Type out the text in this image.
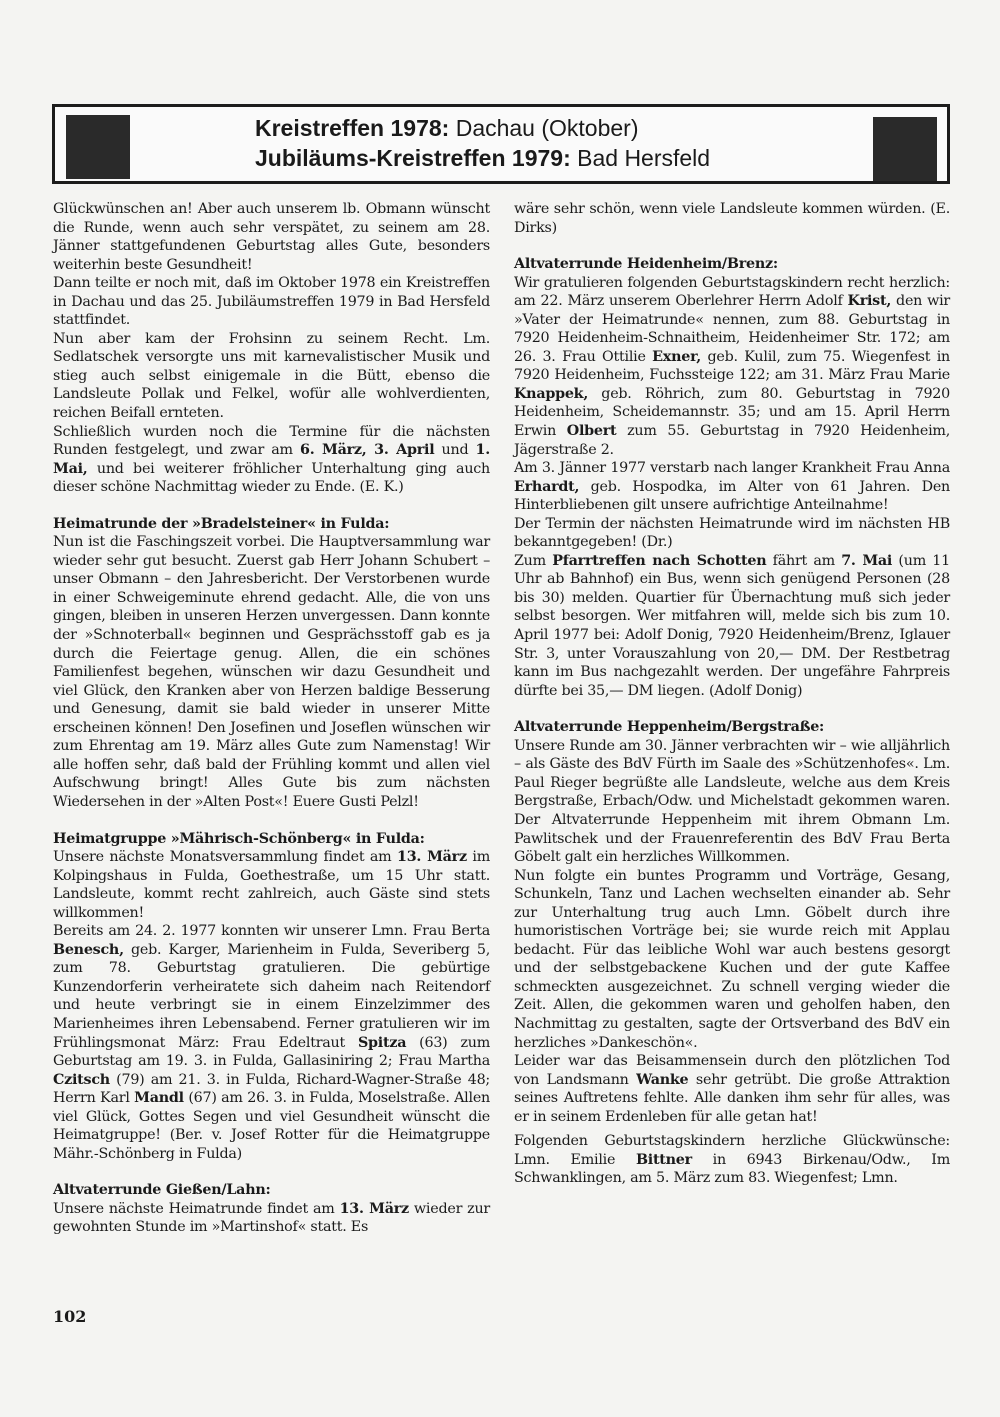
Kreistreffen 1978: Dachau (Oktober)
Jubiläums-Kreistreffen 1979: Bad Hersfeld

Glückwünschen an! Aber auch unserem lb. Obmann wünscht die Runde, wenn auch sehr verspätet, zu seinem am 28. Jänner stattgefundenen Geburtstag alles Gute, besonders weiterhin beste Gesundheit!

Dann teilte er noch mit, daß im Oktober 1978 ein Kreistreffen in Dachau und das 25. Jubiläumstreffen 1979 in Bad Hersfeld stattfindet.

Nun aber kam der Frohsinn zu seinem Recht. Lm. Sedlatschek versorgte uns mit karnevalistischer Musik und stieg auch selbst einigemale in die Bütt, ebenso die Landsleute Pollak und Felkel, wofür alle wohlverdienten, reichen Beifall ernteten.

Schließlich wurden noch die Termine für die nächsten Runden festgelegt, und zwar am 6. März, 3. April und 1. Mai, und bei weiterer fröhlicher Unterhaltung ging auch dieser schöne Nachmittag wieder zu Ende. (E. K.)

Heimatrunde der »Bradelsteiner« in Fulda:

Nun ist die Faschingszeit vorbei. Die Hauptversammlung war wieder sehr gut besucht. Zuerst gab Herr Johann Schubert – unser Obmann – den Jahresbericht. Der Verstorbenen wurde in einer Schweigeminute ehrend gedacht. Alle, die von uns gingen, bleiben in unseren Herzen unvergessen. Dann konnte der »Schnoterball« beginnen und Gesprächsstoff gab es ja durch die Feiertage genug. Allen, die ein schönes Familienfest begehen, wünschen wir dazu Gesundheit und viel Glück, den Kranken aber von Herzen baldige Besserung und Genesung, damit sie bald wieder in unserer Mitte erscheinen können! Den Josefinen und Joseflen wünschen wir zum Ehrentag am 19. März alles Gute zum Namenstag! Wir alle hoffen sehr, daß bald der Frühling kommt und allen viel Aufschwung bringt! Alles Gute bis zum nächsten Wiedersehen in der »Alten Post«! Euere Gusti Pelzl!

Heimatgruppe »Mährisch-Schönberg« in Fulda:

Unsere nächste Monatsversammlung findet am 13. März im Kolpingshaus in Fulda, Goethestraße, um 15 Uhr statt. Landsleute, kommt recht zahlreich, auch Gäste sind stets willkommen!

Bereits am 24. 2. 1977 konnten wir unserer Lmn. Frau Berta Benesch, geb. Karger, Marienheim in Fulda, Severiberg 5, zum 78. Geburtstag gratulieren. Die gebürtige Kunzendorferin verheiratete sich daheim nach Reitendorf und heute verbringt sie in einem Einzelzimmer des Marienheimes ihren Lebensabend. Ferner gratulieren wir im Frühlingsmonat März: Frau Edeltraut Spitza (63) zum Geburtstag am 19. 3. in Fulda, Gallasiniring 2; Frau Martha Czitsch (79) am 21. 3. in Fulda, Richard-Wagner-Straße 48; Herrn Karl Mandl (67) am 26. 3. in Fulda, Moselstraße. Allen viel Glück, Gottes Segen und viel Gesundheit wünscht die Heimatgruppe! (Ber. v. Josef Rotter für die Heimatgruppe Mähr.-Schönberg in Fulda)

Altvaterrunde Gießen/Lahn:

Unsere nächste Heimatrunde findet am 13. März wieder zur gewohnten Stunde im »Martinshof« statt. Es

wäre sehr schön, wenn viele Landsleute kommen würden. (E. Dirks)

Altvaterrunde Heidenheim/Brenz:

Wir gratulieren folgenden Geburtstagskindern recht herzlich: am 22. März unserem Oberlehrer Herrn Adolf Krist, den wir »Vater der Heimatrunde« nennen, zum 88. Geburtstag in 7920 Heidenheim-Schnaitheim, Heidenheimer Str. 172; am 26. 3. Frau Ottilie Exner, geb. Kulil, zum 75. Wiegenfest in 7920 Heidenheim, Fuchssteige 122; am 31. März Frau Marie Knappek, geb. Röhrich, zum 80. Geburtstag in 7920 Heidenheim, Scheidemannstr. 35; und am 15. April Herrn Erwin Olbert zum 55. Geburtstag in 7920 Heidenheim, Jägerstraße 2.

Am 3. Jänner 1977 verstarb nach langer Krankheit Frau Anna Erhardt, geb. Hospodka, im Alter von 61 Jahren. Den Hinterbliebenen gilt unsere aufrichtige Anteilnahme!

Der Termin der nächsten Heimatrunde wird im nächsten HB bekanntgegeben! (Dr.)

Zum Pfarrtreffen nach Schotten fährt am 7. Mai (um 11 Uhr ab Bahnhof) ein Bus, wenn sich genügend Personen (28 bis 30) melden. Quartier für Übernachtung muß sich jeder selbst besorgen. Wer mitfahren will, melde sich bis zum 10. April 1977 bei: Adolf Donig, 7920 Heidenheim/Brenz, Iglauer Str. 3, unter Vorauszahlung von 20,— DM. Der Restbetrag kann im Bus nachgezahlt werden. Der ungefähre Fahrpreis dürfte bei 35,— DM liegen. (Adolf Donig)

Altvaterrunde Heppenheim/Bergstraße:

Unsere Runde am 30. Jänner verbrachten wir – wie alljährlich – als Gäste des BdV Fürth im Saale des »Schützenhofes«. Lm. Paul Rieger begrüßte alle Landsleute, welche aus dem Kreis Bergstraße, Erbach/Odw. und Michelstadt gekommen waren. Der Altvaterrunde Heppenheim mit ihrem Obmann Lm. Pawlitschek und der Frauenreferentin des BdV Frau Berta Göbelt galt ein herzliches Willkommen.

Nun folgte ein buntes Programm und Vorträge, Gesang, Schunkeln, Tanz und Lachen wechselten einander ab. Sehr zur Unterhaltung trug auch Lmn. Göbelt durch ihre humoristischen Vorträge bei; sie wurde reich mit Applau bedacht. Für das leibliche Wohl war auch bestens gesorgt und der selbstgebackene Kuchen und der gute Kaffee schmeckten ausgezeichnet. Zu schnell verging wieder die Zeit. Allen, die gekommen waren und geholfen haben, den Nachmittag zu gestalten, sagte der Ortsverband des BdV ein herzliches »Dankeschön«.

Leider war das Beisammensein durch den plötzlichen Tod von Landsmann Wanke sehr getrübt. Die große Attraktion seines Auftretens fehlte. Alle danken ihm sehr für alles, was er in seinem Erdenleben für alle getan hat!

Folgenden Geburtstagskindern herzliche Glückwünsche: Lmn. Emilie Bittner in 6943 Birkenau/Odw., Im Schwanklingen, am 5. März zum 83. Wiegenfest; Lmn.

102
